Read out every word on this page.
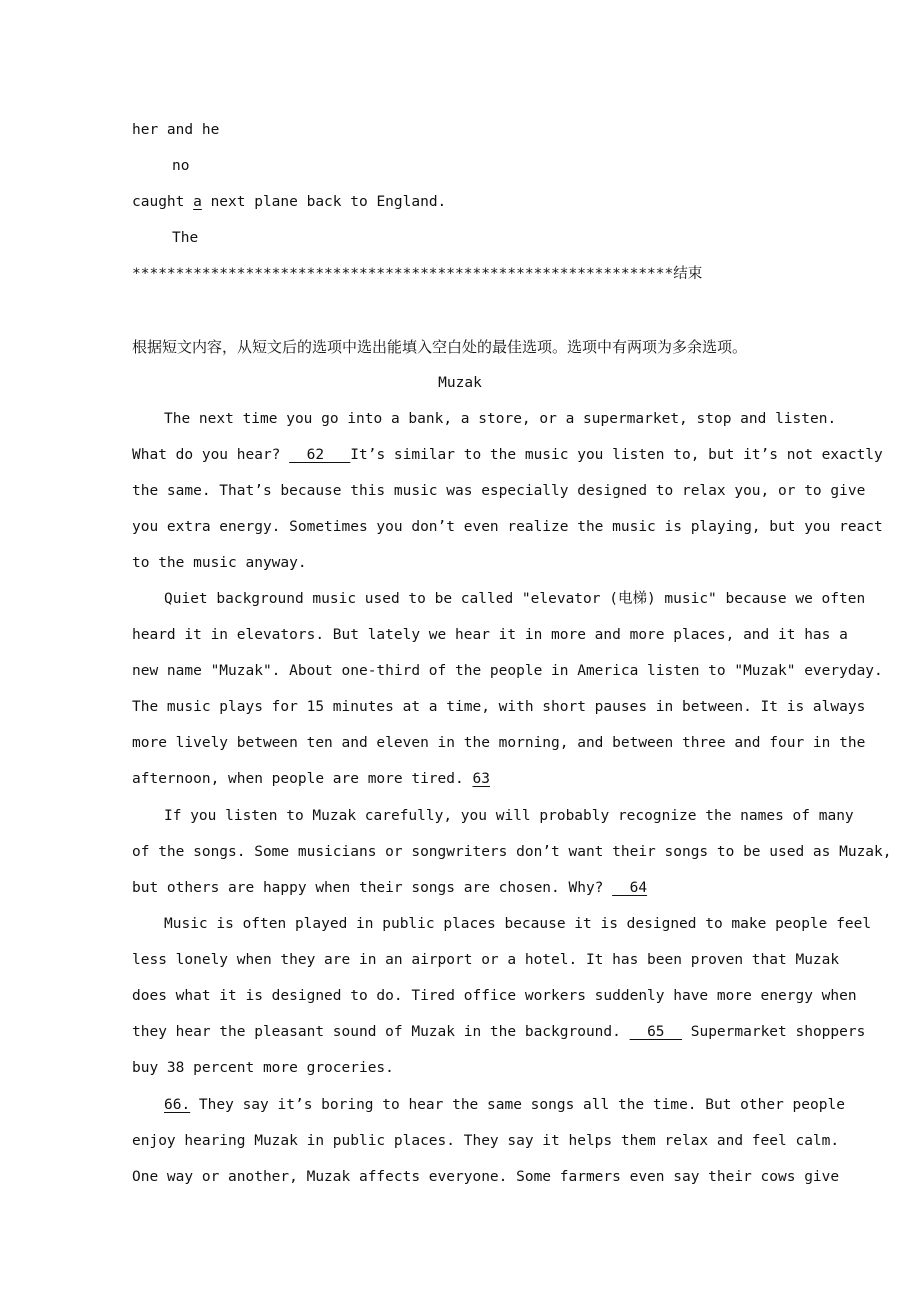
her and he
no
caught a next plane back to England.
The
**************************************************************结束
根据短文内容，从短文后的选项中选出能填入空白处的最佳选项。选项中有两项为多余选项。
Muzak
The next time you go into a bank, a store, or a supermarket, stop and listen.
What do you hear?   62   It’s similar to the music you listen to, but it’s not exactly
the same. That’s because this music was especially designed to relax you, or to give
you extra energy. Sometimes you don’t even realize the music is playing, but you react
to the music anyway.
Quiet background music used to be called "elevator (电梯) music" because we often
heard it in elevators. But lately we hear it in more and more places, and it has a
new name "Muzak". About one-third of the people in America listen to "Muzak" everyday.
The music plays for 15 minutes at a time, with short pauses in between. It is always
more lively between ten and eleven in the morning, and between three and four in the
afternoon, when people are more tired. 63
If you listen to Muzak carefully, you will probably recognize the names of many
of the songs. Some musicians or songwriters don’t want their songs to be used as Muzak,
but others are happy when their songs are chosen. Why?   64
Music is often played in public places because it is designed to make people feel
less lonely when they are in an airport or a hotel. It has been proven that Muzak
does what it is designed to do. Tired office workers suddenly have more energy when
they hear the pleasant sound of Muzak in the background.   65   Supermarket shoppers
buy 38 percent more groceries.
66. They say it’s boring to hear the same songs all the time. But other people
enjoy hearing Muzak in public places. They say it helps them relax and feel calm.
One way or another, Muzak affects everyone. Some farmers even say their cows give
